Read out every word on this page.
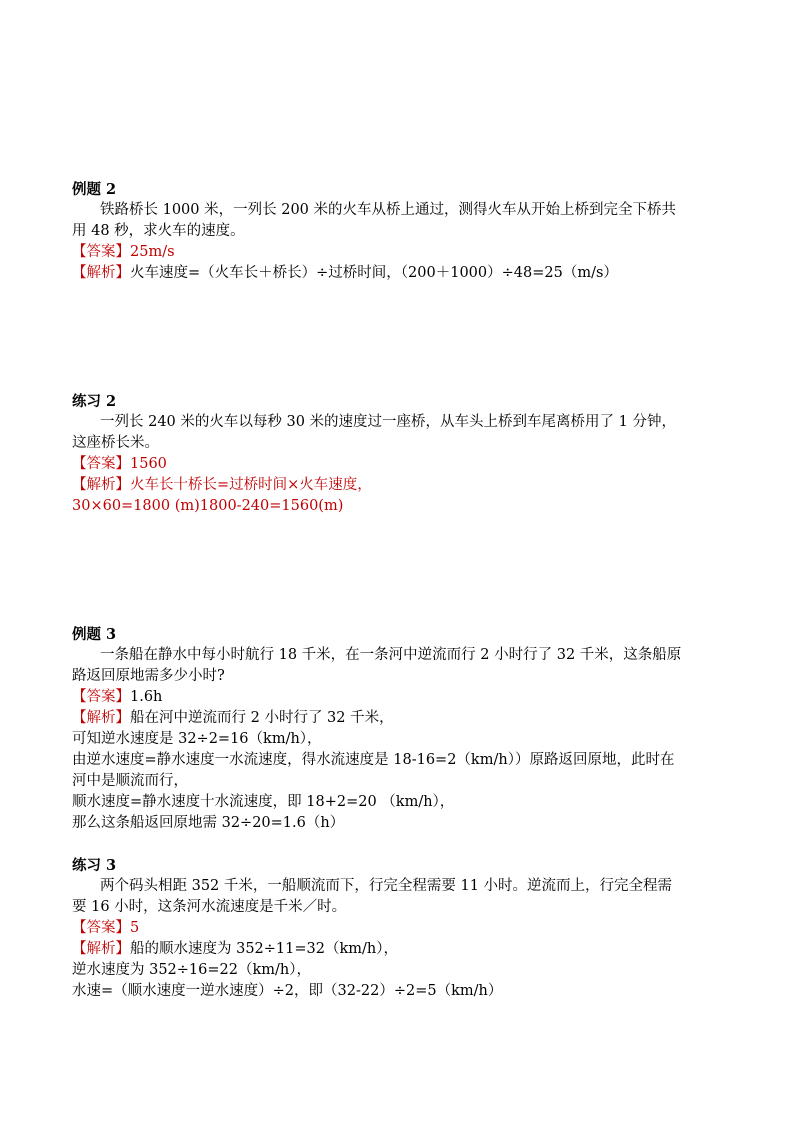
例题 2
铁路桥长 1000 米，一列长 200 米的火车从桥上通过，测得火车从开始上桥到完全下桥共
用 48 秒，求火车的速度。
【答案】25m/s
【解析】火车速度=（火车长＋桥长）÷过桥时间，（200＋1000）÷48=25（m/s）
练习 2
一列长 240 米的火车以每秒 30 米的速度过一座桥，从车头上桥到车尾离桥用了 1 分钟，
这座桥长米。
【答案】1560
【解析】火车长十桥长=过桥时间×火车速度，
30×60=1800 (m)1800-240=1560(m)
例题 3
一条船在静水中每小时航行 18 千米，在一条河中逆流而行 2 小时行了 32 千米，这条船原
路返回原地需多少小时?
【答案】1.6h
【解析】船在河中逆流而行 2 小时行了 32 千米，
可知逆水速度是 32÷2=16（km/h），
由逆水速度=静水速度一水流速度，得水流速度是 18-16=2（km/h））原路返回原地，此时在
河中是顺流而行，
顺水速度=静水速度十水流速度，即 18+2=20 （km/h），
那么这条船返回原地需 32÷20=1.6（h）
练习 3
两个码头相距 352 千米，一船顺流而下，行完全程需要 11 小时。逆流而上，行完全程需
要 16 小时，这条河水流速度是千米／时。
【答案】5
【解析】船的顺水速度为 352÷11=32（km/h），
逆水速度为 352÷16=22（km/h），
水速=（顺水速度一逆水速度）÷2，即（32-22）÷2=5（km/h）
